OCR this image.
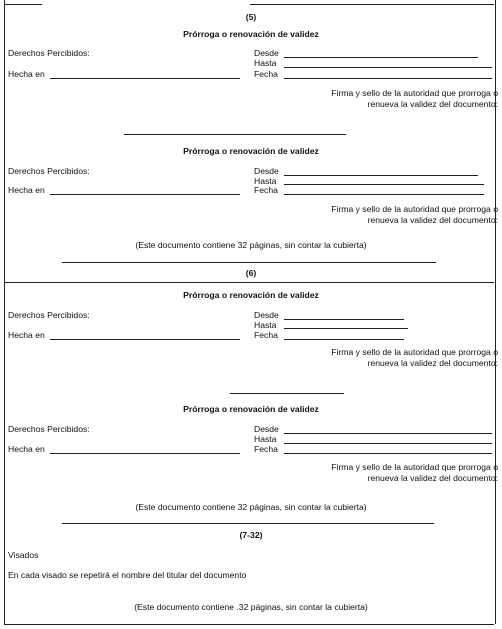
(5)
Prórroga o renovación de validez
Derechos Percibidos:
Hecha en
Desde
Hasta
Fecha
Firma y sello de la autoridad que prorroga o renueva la validez del documento:
Prórroga o renovación de validez
Derechos Percibidos:
Hecha en
Desde
Hasta
Fecha
Firma y sello de la autoridad que prorroga o renueva la validez del documento:
(Este documento contiene 32 páginas, sin contar la cubierta)
(6)
Prórroga o renovación de validez
Derechos Percibidos:
Hecha en
Desde
Hasta
Fecha
Firma y sello de la autoridad que prorroga o renueva la validez del documento:
Prórroga o renovación de validez
Derechos Percibidos:
Hecha en
Desde
Hasta
Fecha
Firma y sello de la autoridad que prorroga o renueva la validez del documento:
(Este documento contiene 32 páginas, sin contar la cubierta)
(7-32)
Visados
En cada visado se repetirá el nombre del titular del documento
(Este documento contiene .32 páginas, sin contar la cubierta)
